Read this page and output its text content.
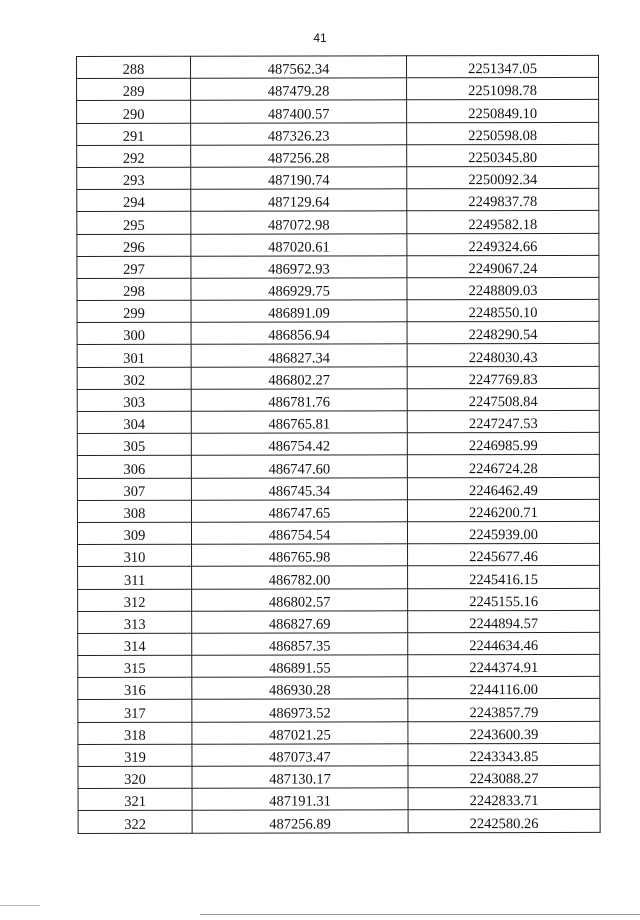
41
288	487562.34	2251347.05
289	487479.28	2251098.78
290	487400.57	2250849.10
291	487326.23	2250598.08
292	487256.28	2250345.80
293	487190.74	2250092.34
294	487129.64	2249837.78
295	487072.98	2249582.18
296	487020.61	2249324.66
297	486972.93	2249067.24
298	486929.75	2248809.03
299	486891.09	2248550.10
300	486856.94	2248290.54
301	486827.34	2248030.43
302	486802.27	2247769.83
303	486781.76	2247508.84
304	486765.81	2247247.53
305	486754.42	2246985.99
306	486747.60	2246724.28
307	486745.34	2246462.49
308	486747.65	2246200.71
309	486754.54	2245939.00
310	486765.98	2245677.46
311	486782.00	2245416.15
312	486802.57	2245155.16
313	486827.69	2244894.57
314	486857.35	2244634.46
315	486891.55	2244374.91
316	486930.28	2244116.00
317	486973.52	2243857.79
318	487021.25	2243600.39
319	487073.47	2243343.85
320	487130.17	2243088.27
321	487191.31	2242833.71
322	487256.89	2242580.26
